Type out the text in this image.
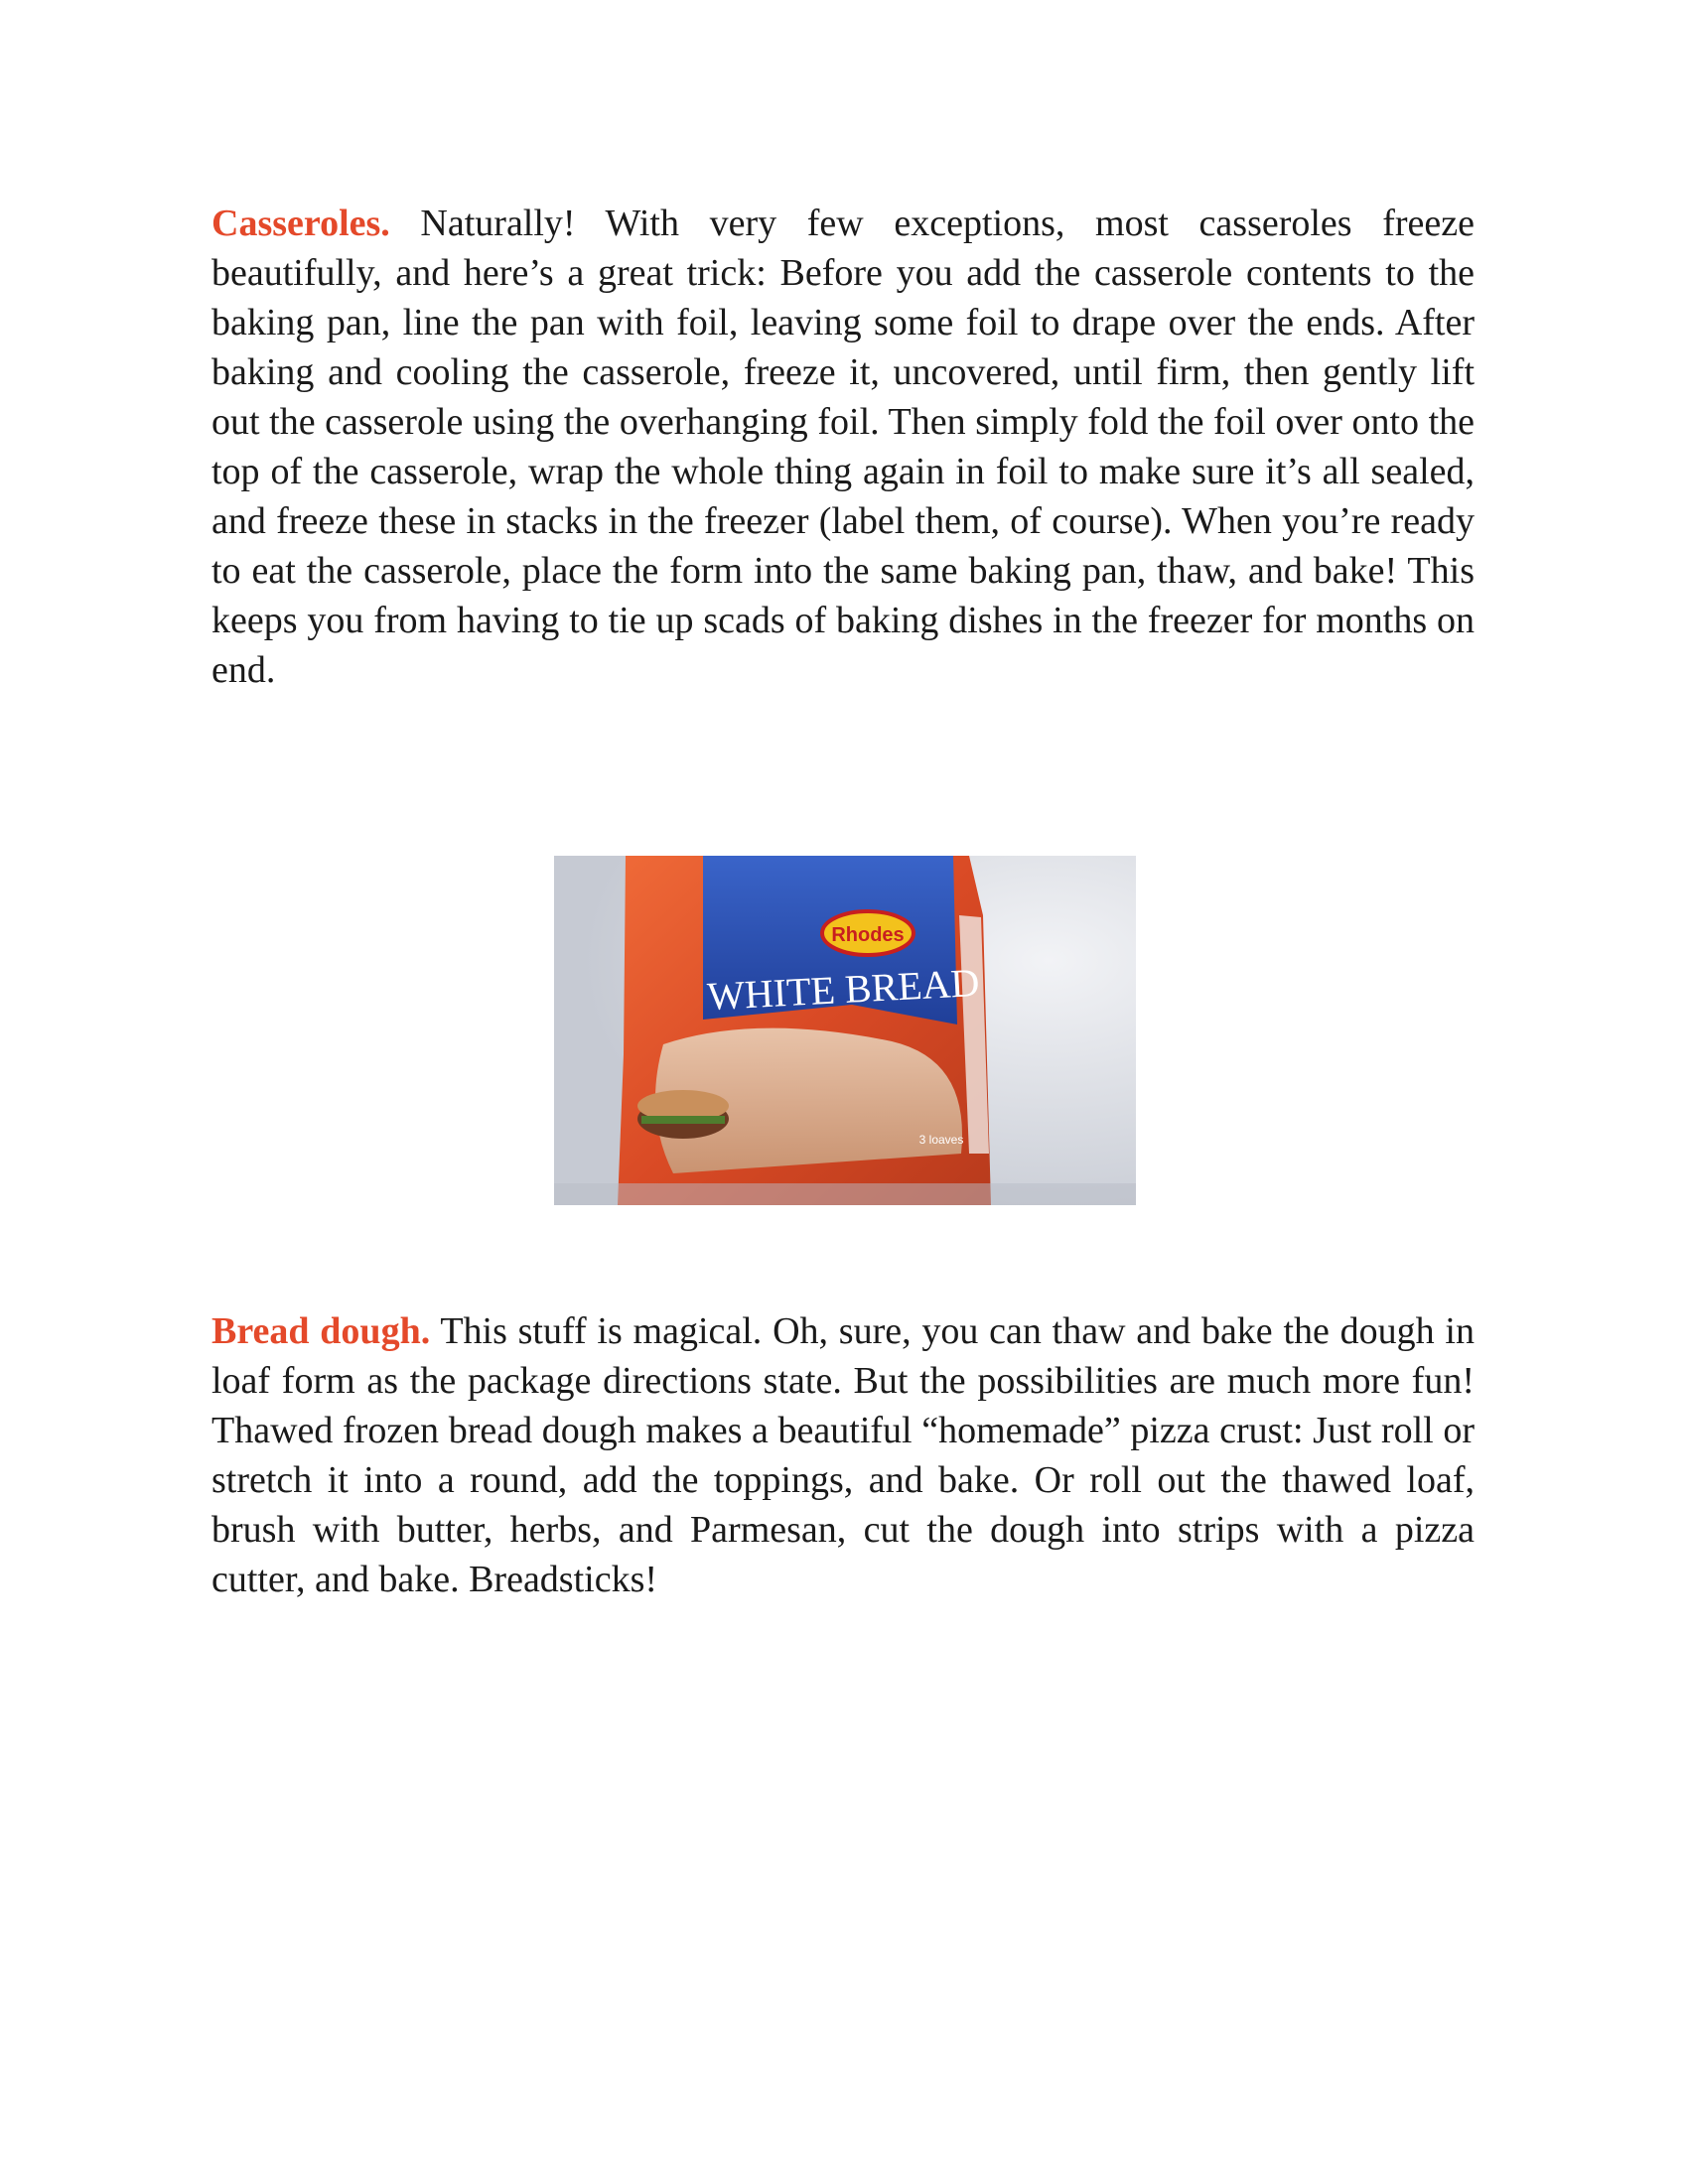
Casseroles. Naturally! With very few exceptions, most casseroles freeze beautifully, and here’s a great trick: Before you add the casserole contents to the baking pan, line the pan with foil, leaving some foil to drape over the ends. After baking and cooling the casserole, freeze it, uncovered, until firm, then gently lift out the casserole using the overhanging foil. Then simply fold the foil over onto the top of the casserole, wrap the whole thing again in foil to make sure it’s all sealed, and freeze these in stacks in the freezer (label them, of course). When you’re ready to eat the casserole, place the form into the same baking pan, thaw, and bake! This keeps you from having to tie up scads of baking dishes in the freezer for months on end.

Rhodes
WHITE BREAD
3 loaves

Bread dough. This stuff is magical. Oh, sure, you can thaw and bake the dough in loaf form as the package directions state. But the possibilities are much more fun! Thawed frozen bread dough makes a beautiful “homemade” pizza crust: Just roll or stretch it into a round, add the toppings, and bake. Or roll out the thawed loaf, brush with butter, herbs, and Parmesan, cut the dough into strips with a pizza cutter, and bake. Breadsticks!
